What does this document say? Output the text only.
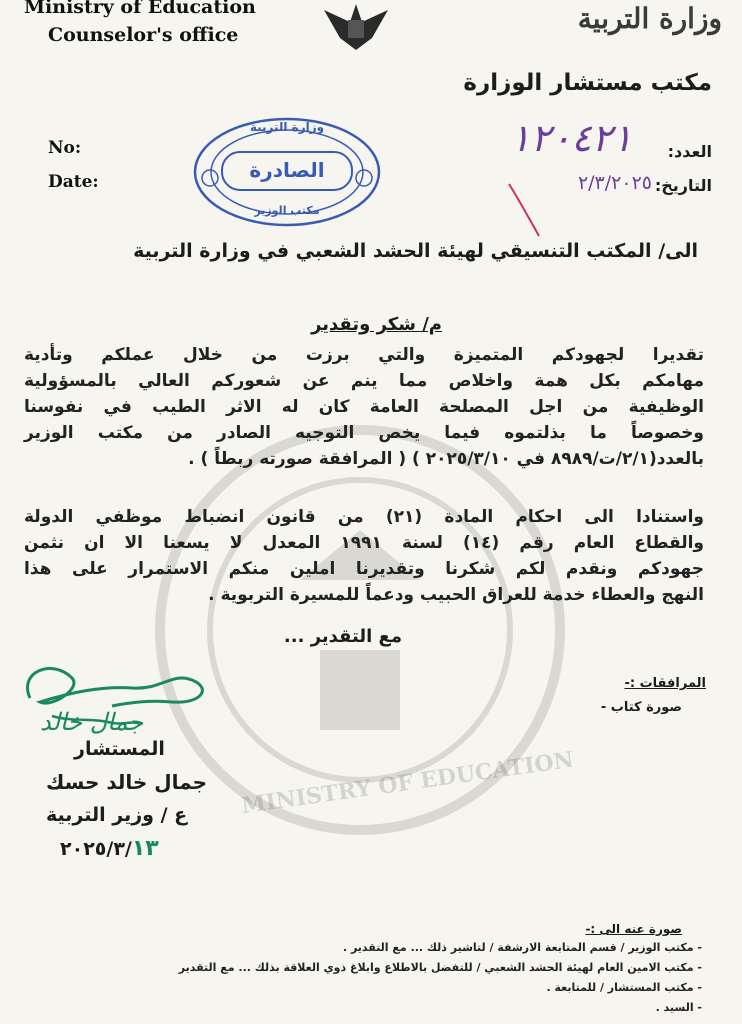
MINISTRY OF EDUCATION
Ministry of Education
Counselor's office	وزارة التربية
مكتب مستشار الوزارة
No:
Date:
العدد:
١٢٠٤٢١
التاريخ:
٢/٣/٢٠٢٥
وزارة التربية
الصادرة
مكتب الوزير
الى/ المكتب التنسيقي لهيئة الحشد الشعبي في وزارة التربية
م/ شكر وتقدير
تقديرا لجهودكم المتميزة والتي برزت من خلال عملكم وتأدية
مهامكم بكل همة واخلاص مما ينم عن شعوركم العالي بالمسؤولية
الوظيفية من اجل المصلحة العامة كان له الاثر الطيب في نفوسنا
وخصوصاً ما بذلتموه فيما يخص التوجيه الصادر من مكتب الوزير
بالعدد(٢/١/ت/٨٩٨٩ في ٢٠٢٥/٣/١٠ ) ( المرافقة صورته ربطاً ) .
واستنادا الى احكام المادة (٢١) من قانون انضباط موظفي الدولة
والقطاع العام رقم (١٤) لسنة ١٩٩١ المعدل لا يسعنا الا ان نثمن
جهودكم ونقدم لكم شكرنا وتقديرنا املين منكم الاستمرار على هذا
النهج والعطاء خدمة للعراق الحبيب ودعماً للمسيرة التربوية .
مع التقدير ...
المرافقات :-
صورة كتاب -
جمال خالد
المستشار
جمال خالد حسك
ع / وزير التربية
٢٠٢٥/٣/١٣
صورة عنه الى :-
- مكتب الوزير / قسم المتابعة الارشفة / لتاشير ذلك ... مع التقدير .
- مكتب الامين العام لهيئة الحشد الشعبي / للتفضل بالاطلاع وابلاغ ذوي العلاقة بذلك ... مع التقدير
- مكتب المستشار / للمتابعة .
- السيد .
